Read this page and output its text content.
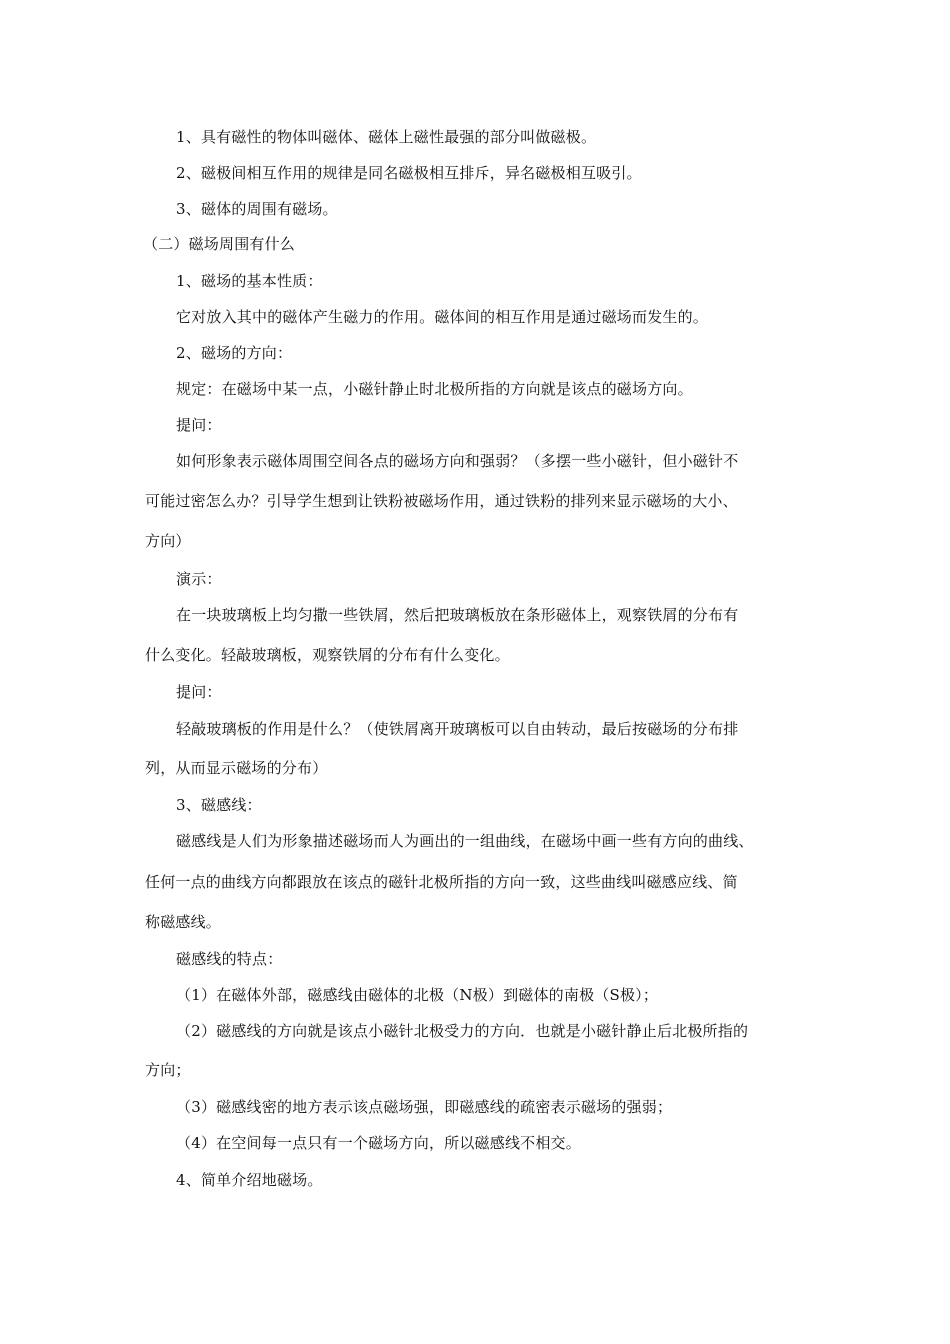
1、具有磁性的物体叫磁体、磁体上磁性最强的部分叫做磁极。
2、磁极间相互作用的规律是同名磁极相互排斥，异名磁极相互吸引。
3、磁体的周围有磁场。
（二）磁场周围有什么
1、磁场的基本性质：
它对放入其中的磁体产生磁力的作用。磁体间的相互作用是通过磁场而发生的。
2、磁场的方向：
规定：在磁场中某一点，小磁针静止时北极所指的方向就是该点的磁场方向。
提问：
如何形象表示磁体周围空间各点的磁场方向和强弱？（多摆一些小磁针，但小磁针不
可能过密怎么办？引导学生想到让铁粉被磁场作用，通过铁粉的排列来显示磁场的大小、
方向）
演示：
在一块玻璃板上均匀撒一些铁屑，然后把玻璃板放在条形磁体上，观察铁屑的分布有
什么变化。轻敲玻璃板，观察铁屑的分布有什么变化。
提问：
轻敲玻璃板的作用是什么？（使铁屑离开玻璃板可以自由转动，最后按磁场的分布排
列，从而显示磁场的分布）
3、磁感线：
磁感线是人们为形象描述磁场而人为画出的一组曲线，在磁场中画一些有方向的曲线、
任何一点的曲线方向都跟放在该点的磁针北极所指的方向一致，这些曲线叫磁感应线、简
称磁感线。
磁感线的特点：
（1）在磁体外部，磁感线由磁体的北极（N极）到磁体的南极（S极）；
（2）磁感线的方向就是该点小磁针北极受力的方向．也就是小磁针静止后北极所指的
方向；
（3）磁感线密的地方表示该点磁场强，即磁感线的疏密表示磁场的强弱；
（4）在空间每一点只有一个磁场方向，所以磁感线不相交。
4、简单介绍地磁场。
